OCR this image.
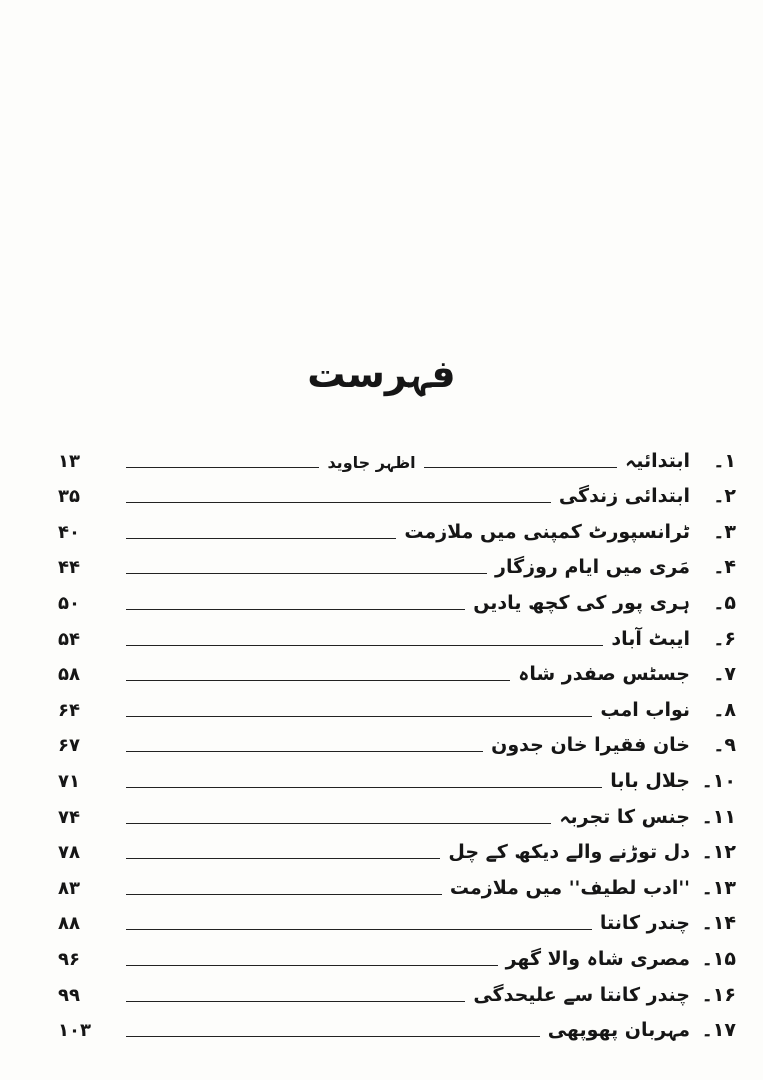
فہرست
۱۔
ابتدائیہ
اظہر جاوید
۱۳
۲۔
ابتدائی زندگی
۳۵
۳۔
ٹرانسپورٹ کمپنی میں ملازمت
۴۰
۴۔
مَری میں ایام روزگار
۴۴
۵۔
ہری پور کی کچھ یادیں
۵۰
۶۔
ایبٹ آباد
۵۴
۷۔
جسٹس صفدر شاہ
۵۸
۸۔
نواب امب
۶۴
۹۔
خان فقیرا خان جدون
۶۷
۱۰۔
جلال بابا
۷۱
۱۱۔
جنس کا تجربہ
۷۴
۱۲۔
دل توڑنے والے دیکھ کے چل
۷۸
۱۳۔
''ادب لطیف'' میں ملازمت
۸۳
۱۴۔
چندر کانتا
۸۸
۱۵۔
مصری شاہ والا گھر
۹۶
۱۶۔
چندر کانتا سے علیحدگی
۹۹
۱۷۔
مہربان پھوپھی
۱۰۳
